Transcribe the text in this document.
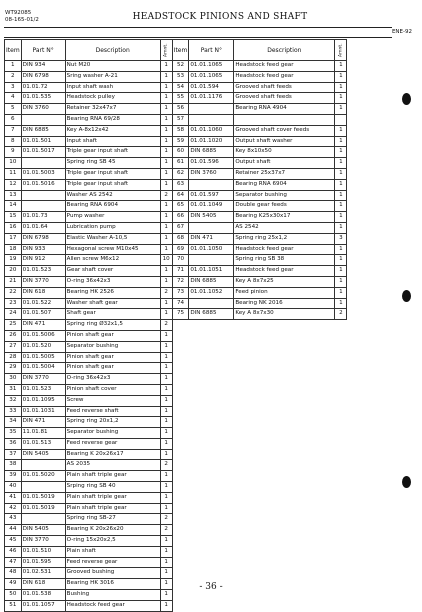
WT92085
08-165-01/2	HEADSTOCK PINIONS AND SHAFT
ENE-92
Item	Part N°	Description	Amnt.	Item	Part N°	Description	Amnt.
1	DIN 934	Nut M20	1	52	01.01.1065	Headstock feed gear	1
2	DIN 6798	Sring washer A-21	1	53	01.01.1065	Headstock feed gear	1
3	01.01.72	Input shaft wash	1	54	01.01.594	Grooved shaft feeds	1
4	01.01.535	Headstock pulley	1	55	01.01.1176	Grooved shaft feeds	1
5	DIN 3760	Retainer 32x47x7	1	56		Bearing RNA 4904	1
6		Bearing RNA 69/28	1	57			
7	DIN 6885	Key A-8x12x42	1	58	01.01.1060	Grooved shaft cover feeds	1
8	01.01.501	Input shaft	1	59	01.01.1020	Output shaft washer	1
9	01.01.5017	Triple gear input shaft	1	60	DIN 6885	Key 8x10x50	1
10		Spring ring SB 45	1	61	01.01.596	Output shaft	1
11	01.01.5003	Triple gear input shaft	1	62	DIN 3760	Retainer 25x37x7	1
12	01.01.5016	Triple gear input shaft	1	63		Bearing RNA 6904	1
13		Washer AS 2542	2	64	01.01.597	Separator bushing	1
14		Bearing RNA 6904	1	65	01.01.1049	Double gear feeds	1
15	01.01.73	Pump washer	1	66	DIN 5405	Bearing K25x30x17	1
16	01.01.64	Lubrication pump	1	67		AS 2542	1
17	DIN 6798	Elastic Washer A-10,5	1	68	DIN 471	Spring ring 25x1,2	3
18	DIN 933	Hexagonal screw M10x45	1	69	01.01.1050	Headstock feed gear	1
19	DIN 912	Allen screw M6x12	10	70		Spring ring SB 38	1
20	01.01.523	Gear shaft cover	1	71	01.01.1051	Headstock feed gear	1
21	DIN 3770	O-ring 36x42x3	1	72	DIN 6885	Key A 8x7x25	1
22	DIN 618	Bearing HK 2526	2	73	01.01.1052	Feed pinion	1
23	01.01.522	Washer shaft gear	1	74		Bearing NK 2016	1
24	01.01.507	Shaft gear	1	75	DIN 6885	Key A 8x7x30	2
25	DIN 471	Spring ring Ø32x1,5	2				
26	01.01.5006	Pinion shaft gear	1				
27	01.01.520	Separator bushing	1				
28	01.01.5005	Pinion shaft gear	1				
29	01.01.5004	Pinion shaft gear	1				
30	DIN 3770	O-ring 36x42x3	1				
31	01.01.523	Pinion shaft cover	1				
32	01.01.1095	Screw	1				
33	01.01.1031	Feed reverse shaft	1				
34	DIN 471	Spring ring 20x1,2	1				
35	11.01.81	Separator bushing	1				
36	01.01.513	Feed reverse gear	1				
37	DIN 5405	Bearing K 20x26x17	1				
38		AS 2035	2				
39	01.01.5020	Plain shaft triple gear	1				
40		Srping ring SB 40	1				
41	01.01.5019	Plain shaft triple gear	1				
42	01.01.5019	Plain shaft triple gear	1				
43		Spring ring SB-27	2				
44	DIN 5405	Bearing K 20x26x20	2				
45	DIN 3770	O-ring 15x20x2,5	1				
46	01.01.510	Plain shaft	1				
47	01.01.595	Feed reverse gear	1				
48	01.02.531	Grooved bushing	1				
49	DIN 618	Bearing HK 3016	1				
50	01.01.538	Bushing	1				
51	01.01.1057	Headstock feed gear	1				
- 36 -
